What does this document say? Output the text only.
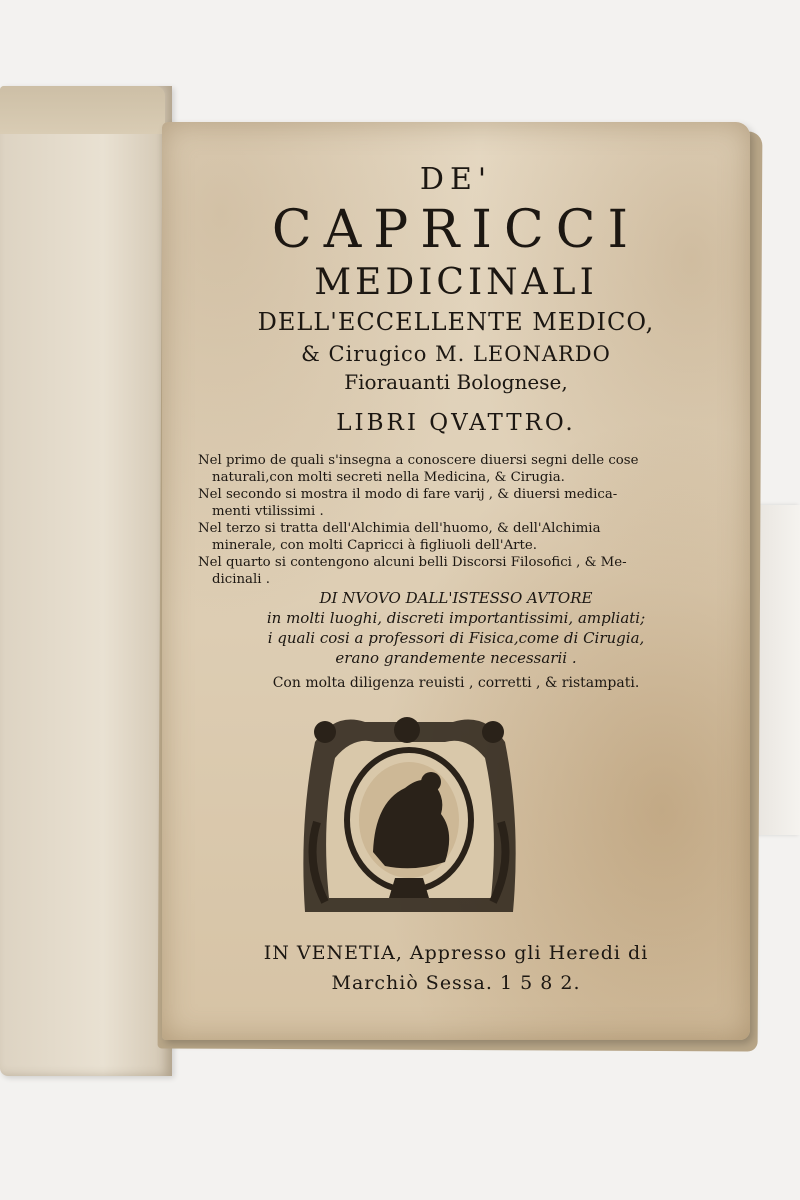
DE'
CAPRICCI
MEDICINALI
DELL'ECCELLENTE MEDICO,
& Cirugico M. LEONARDO
Fiorauanti Bolognese,
LIBRI QVATTRO.
Nel primo de quali s'insegna a conoscere diuersi segni delle cose
naturali,con molti secreti nella Medicina, & Cirugia.
Nel secondo si mostra il modo di fare varij , & diuersi medica-
menti vtilissimi .
Nel terzo si tratta dell'Alchimia dell'huomo, & dell'Alchimia
minerale, con molti Capricci à figliuoli dell'Arte.
Nel quarto si contengono alcuni belli Discorsi Filosofici , & Me-
dicinali .
DI NVOVO DALL'ISTESSO AVTORE
in molti luoghi, discreti importantissimi, ampliati;
i quali cosi a professori di Fisica,come di Cirugia,
erano grandemente necessarii .
Con molta diligenza reuisti , corretti , & ristampati.
IN VENETIA, Appresso gli Heredi di
Marchiò Sessa. 1 5 8 2.
